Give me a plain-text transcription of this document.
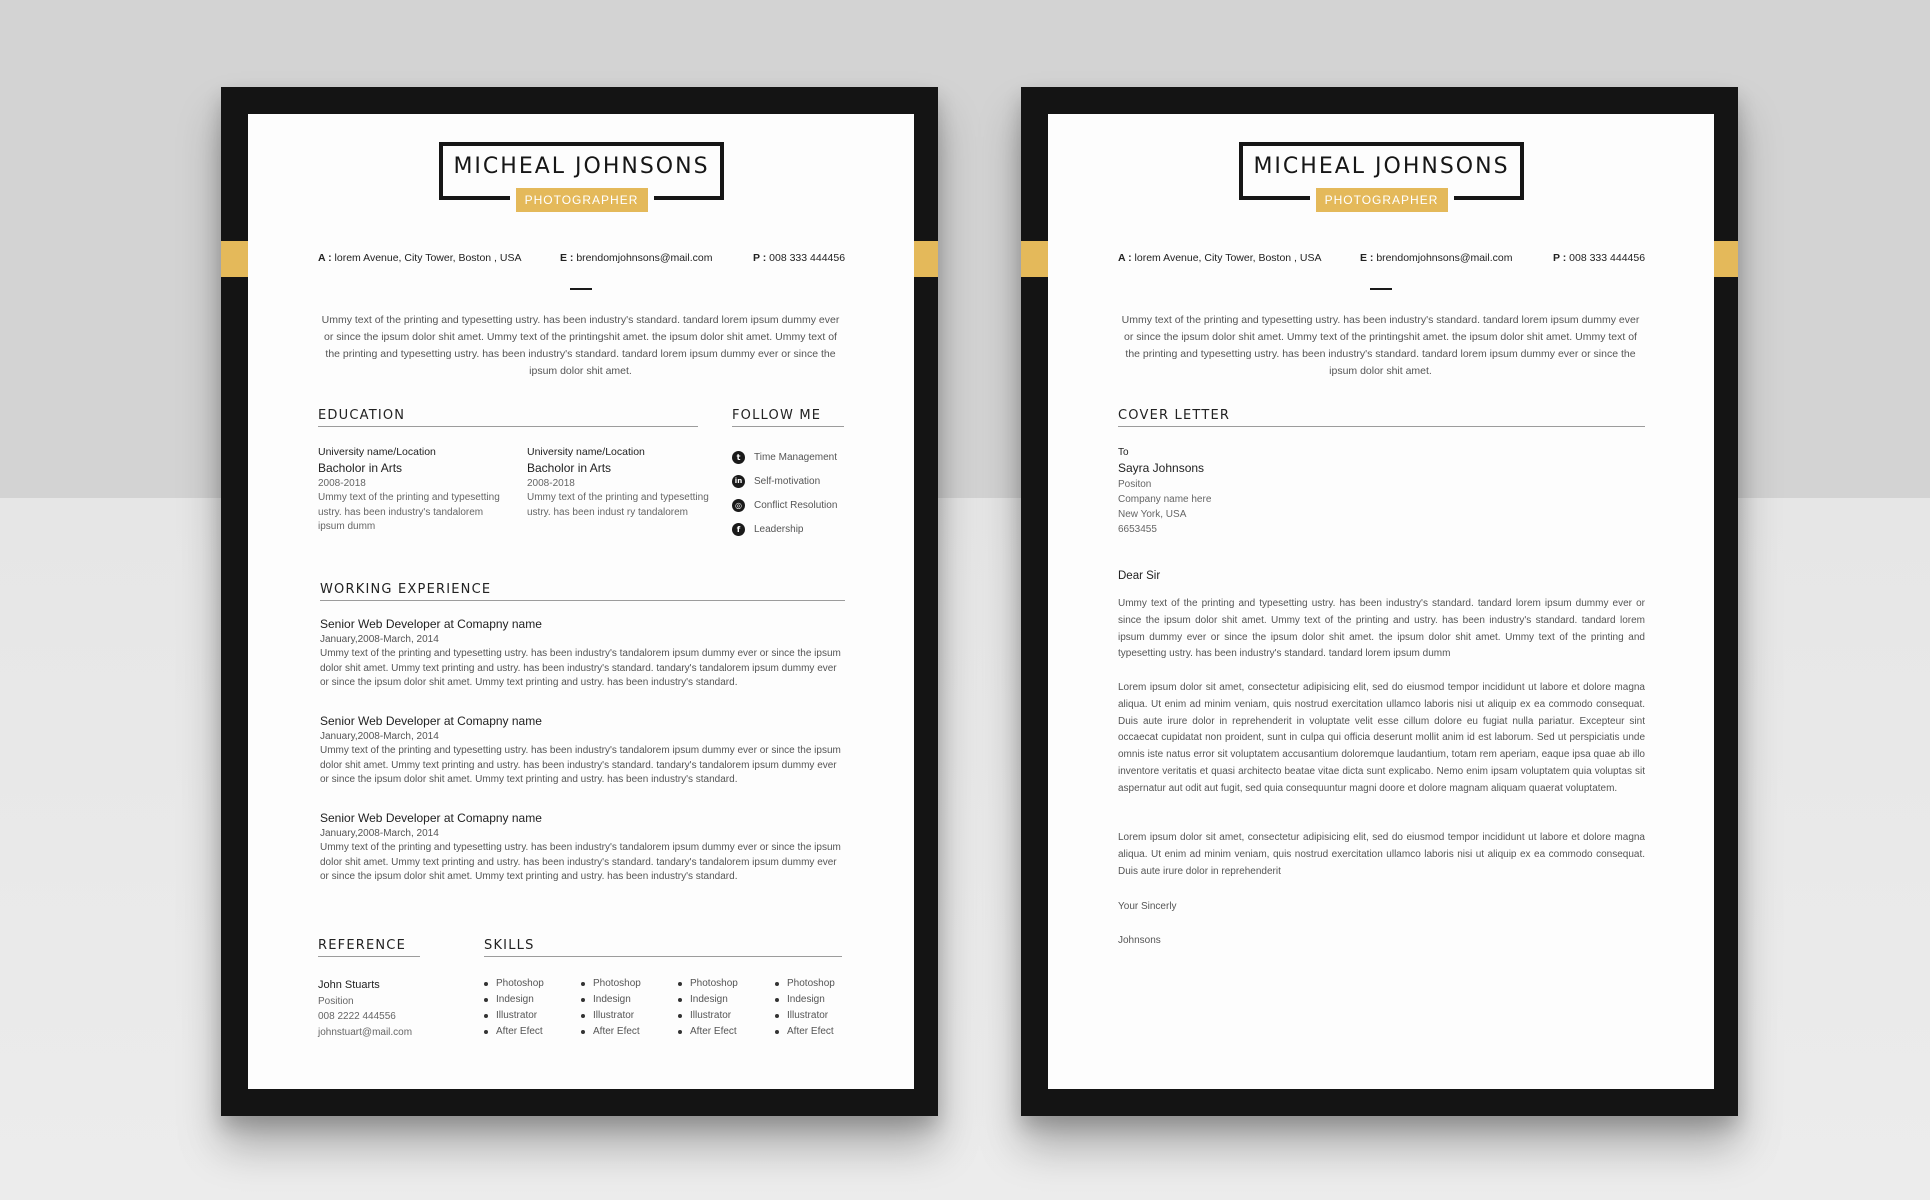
MICHEAL JOHNSONS
PHOTOGRAPHER
A : lorem Avenue, City Tower, Boston , USA	E : brendomjohnsons@mail.com	P : 008 333 444456

Ummy text of the printing and typesetting ustry. has been industry's standard. tandard lorem ipsum dummy ever or since the ipsum dolor shit amet. Ummy text of the printingshit amet. the ipsum dolor shit amet. Ummy text of the printing and typesetting ustry. has been industry's standard. tandard lorem ipsum dummy ever or since the ipsum dolor shit amet.

EDUCATION
University name/Location
Bacholor in Arts
2008-2018
Ummy text of the printing and typesetting ustry. has been industry's tandalorem ipsum dumm
University name/Location
Bacholor in Arts
2008-2018
Ummy text of the printing and typesetting ustry. has been indust ry tandalorem
FOLLOW ME
t	Time Management
in Self-motivation
◎	Conflict Resolution
f	Leadership
WORKING EXPERIENCE
Senior Web Developer at Comapny name
January,2008-March, 2014
Ummy text of the printing and typesetting ustry. has been industry's tandalorem ipsum dummy ever or since the ipsum dolor shit amet. Ummy text printing and ustry. has been industry's standard. tandary's tandalorem ipsum dummy ever or since the ipsum dolor shit amet. Ummy text printing and ustry. has been industry's standard.
Senior Web Developer at Comapny name
January,2008-March, 2014
Ummy text of the printing and typesetting ustry. has been industry's tandalorem ipsum dummy ever or since the ipsum dolor shit amet. Ummy text printing and ustry. has been industry's standard. tandary's tandalorem ipsum dummy ever or since the ipsum dolor shit amet. Ummy text printing and ustry. has been industry's standard.
Senior Web Developer at Comapny name
January,2008-March, 2014
Ummy text of the printing and typesetting ustry. has been industry's tandalorem ipsum dummy ever or since the ipsum dolor shit amet. Ummy text printing and ustry. has been industry's standard. tandary's tandalorem ipsum dummy ever or since the ipsum dolor shit amet. Ummy text printing and ustry. has been industry's standard.
REFERENCE
John Stuarts
Position
008 2222 444556
johnstuart@mail.com
SKILLS
Photoshop
Indesign
Illustrator
After Efect
Photoshop
Indesign
Illustrator
After Efect
Photoshop
Indesign
Illustrator
After Efect
Photoshop
Indesign
Illustrator
After Efect
MICHEAL JOHNSONS
PHOTOGRAPHER
A : lorem Avenue, City Tower, Boston , USA	E : brendomjohnsons@mail.com	P : 008 333 444456

Ummy text of the printing and typesetting ustry. has been industry's standard. tandard lorem ipsum dummy ever or since the ipsum dolor shit amet. Ummy text of the printingshit amet. the ipsum dolor shit amet. Ummy text of the printing and typesetting ustry. has been industry's standard. tandard lorem ipsum dummy ever or since the ipsum dolor shit amet.

COVER LETTER
To
Sayra Johnsons
Positon
Company name here
New York, USA
6653455
Dear Sir

Ummy text of the printing and typesetting ustry. has been industry's standard. tandard lorem ipsum dummy ever or since the ipsum dolor shit amet. Ummy text of the printing and ustry. has been industry's standard. tandard lorem ipsum dummy ever or since the ipsum dolor shit amet. the ipsum dolor shit amet. Ummy text of the printing and typesetting ustry. has been industry's standard. tandard lorem ipsum dumm

Lorem ipsum dolor sit amet, consectetur adipisicing elit, sed do eiusmod tempor incididunt ut labore et dolore magna aliqua. Ut enim ad minim veniam, quis nostrud exercitation ullamco laboris nisi ut aliquip ex ea commodo consequat. Duis aute irure dolor in reprehenderit in voluptate velit esse cillum dolore eu fugiat nulla pariatur. Excepteur sint occaecat cupidatat non proident, sunt in culpa qui officia deserunt mollit anim id est laborum. Sed ut perspiciatis unde omnis iste natus error sit voluptatem accusantium doloremque laudantium, totam rem aperiam, eaque ipsa quae ab illo inventore veritatis et quasi architecto beatae vitae dicta sunt explicabo. Nemo enim ipsam voluptatem quia voluptas sit aspernatur aut odit aut fugit, sed quia consequuntur magni doore et dolore magnam aliquam quaerat voluptatem.

Lorem ipsum dolor sit amet, consectetur adipisicing elit, sed do eiusmod tempor incididunt ut labore et dolore magna aliqua. Ut enim ad minim veniam, quis nostrud exercitation ullamco laboris nisi ut aliquip ex ea commodo consequat. Duis aute irure dolor in reprehenderit

Your Sincerly
Johnsons
